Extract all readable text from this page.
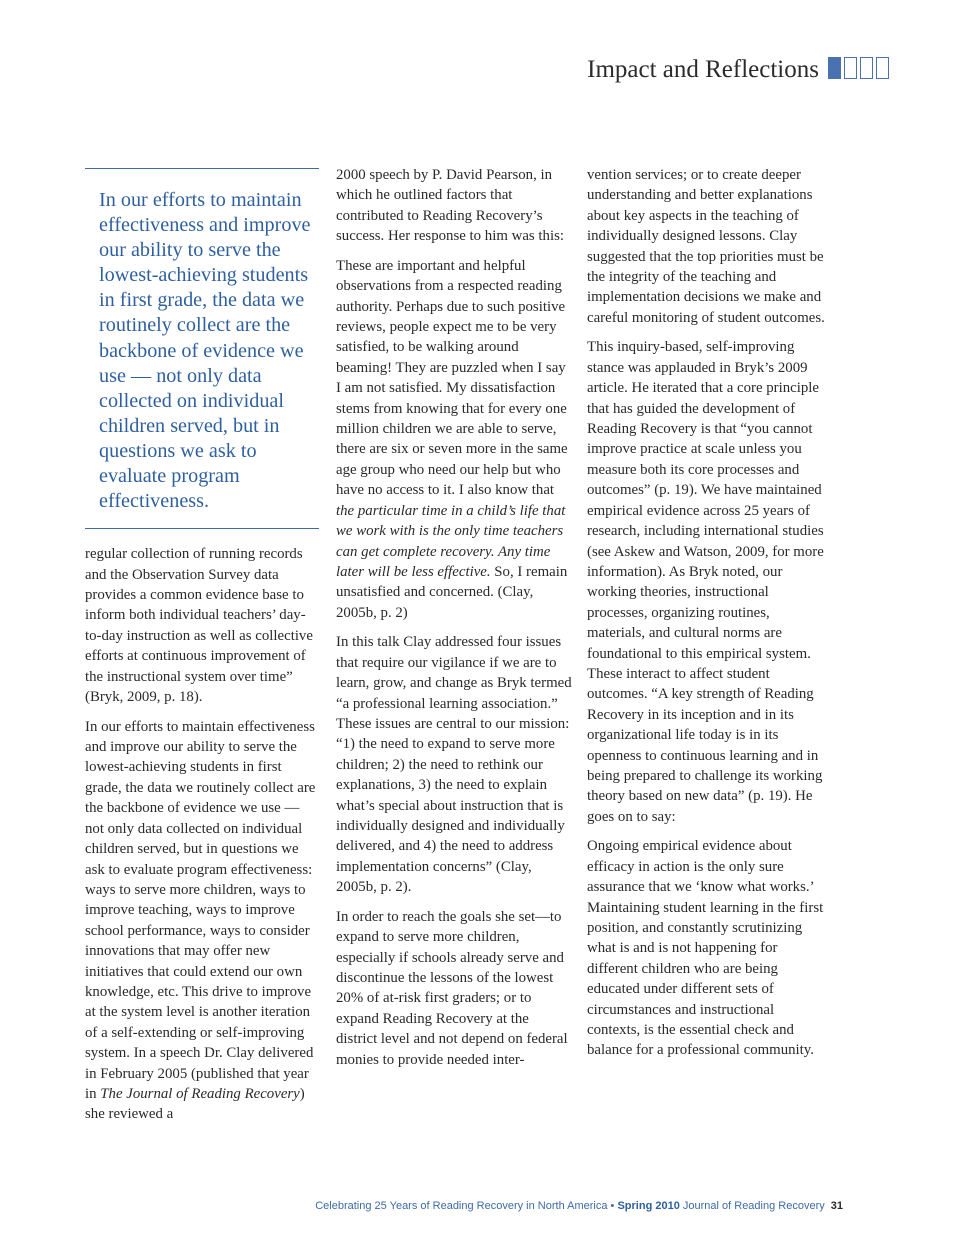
Impact and Reflections
In our efforts to maintain effectiveness and improve our ability to serve the lowest-achieving students in first grade, the data we routinely collect are the backbone of evidence we use — not only data collected on individual children served, but in questions we ask to evaluate program effectiveness.

regular collection of running records and the Observation Survey data provides a common evidence base to inform both individual teachers’ day-to-day instruction as well as collective efforts at continuous improvement of the instructional system over time” (Bryk, 2009, p. 18).

In our efforts to maintain effectiveness and improve our ability to serve the lowest-achieving students in first grade, the data we routinely collect are the backbone of evidence we use — not only data collected on individual children served, but in questions we ask to evaluate program effectiveness: ways to serve more children, ways to improve teaching, ways to improve school performance, ways to consider innovations that may offer new initiatives that could extend our own knowledge, etc. This drive to improve at the system level is another iteration of a self-extending or self-improving system. In a speech Dr. Clay delivered in February 2005 (published that year in The Journal of Reading Recovery) she reviewed a

2000 speech by P. David Pearson, in which he outlined factors that contributed to Reading Recovery’s success. Her response to him was this:

These are important and helpful observations from a respected reading authority. Perhaps due to such positive reviews, people expect me to be very satisfied, to be walking around beaming! They are puzzled when I say I am not satisfied. My dissatisfaction stems from knowing that for every one million children we are able to serve, there are six or seven more in the same age group who need our help but who have no access to it. I also know that the particular time in a child’s life that we work with is the only time teachers can get complete recovery. Any time later will be less effective. So, I remain unsatisfied and concerned. (Clay, 2005b, p. 2)

In this talk Clay addressed four issues that require our vigilance if we are to learn, grow, and change as Bryk termed “a professional learning association.” These issues are central to our mission: “1) the need to expand to serve more children; 2) the need to rethink our explanations, 3) the need to explain what’s special about instruction that is individually designed and individually delivered, and 4) the need to address implementation concerns” (Clay, 2005b, p. 2).

In order to reach the goals she set—to expand to serve more children, especially if schools already serve and discontinue the lessons of the lowest 20% of at-risk first graders; or to expand Reading Recovery at the district level and not depend on federal monies to provide needed inter-

vention services; or to create deeper understanding and better explanations about key aspects in the teaching of individually designed lessons. Clay suggested that the top priorities must be the integrity of the teaching and implementation decisions we make and careful monitoring of student outcomes.

This inquiry-based, self-improving stance was applauded in Bryk’s 2009 article. He iterated that a core principle that has guided the development of Reading Recovery is that “you cannot improve practice at scale unless you measure both its core processes and outcomes” (p. 19). We have maintained empirical evidence across 25 years of research, including international studies (see Askew and Watson, 2009, for more information). As Bryk noted, our working theories, instructional processes, organizing routines, materials, and cultural norms are foundational to this empirical system. These interact to affect student outcomes. “A key strength of Reading Recovery in its inception and in its organizational life today is in its openness to continuous learning and in being prepared to challenge its working theory based on new data” (p. 19). He goes on to say:

Ongoing empirical evidence about efficacy in action is the only sure assurance that we ‘know what works.’ Maintaining student learning in the first position, and constantly scrutinizing what is and is not happening for different children who are being educated under different sets of circumstances and instructional contexts, is the essential check and balance for a professional community.

Celebrating 25 Years of Reading Recovery in North America • Spring 2010 Journal of Reading Recovery 31
